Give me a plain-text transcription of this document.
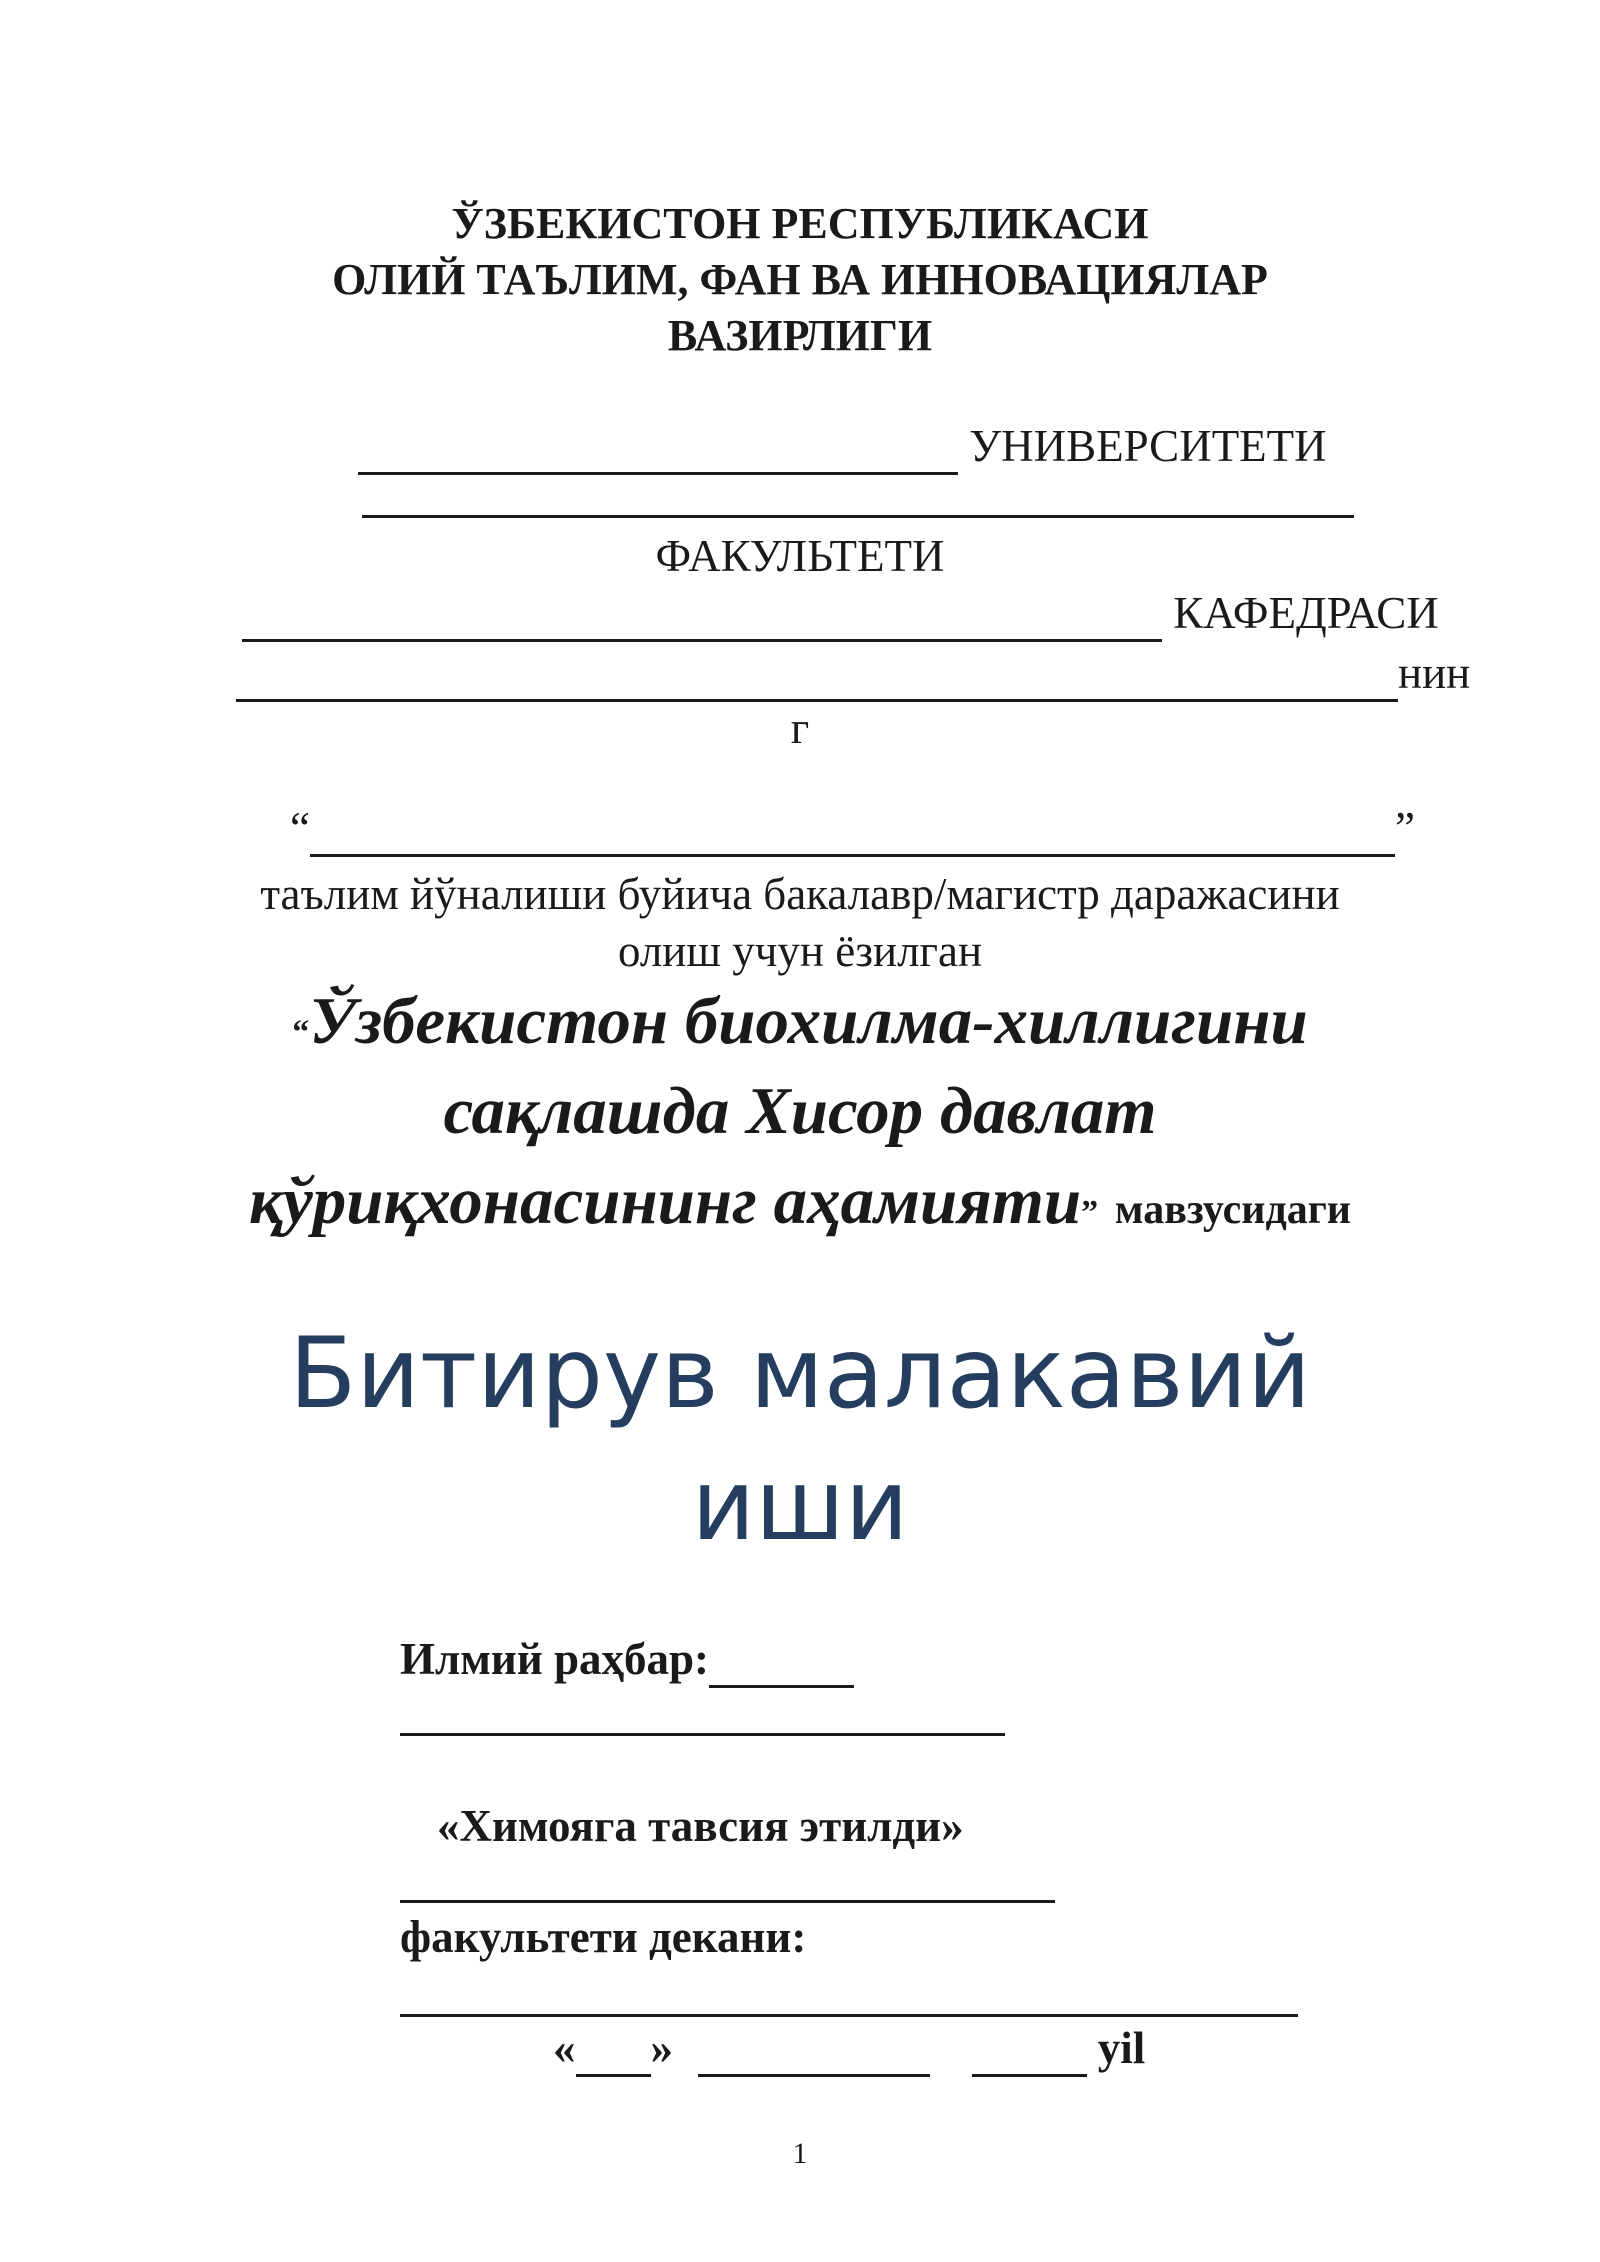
ЎЗБЕКИСТОН РЕСПУБЛИКАСИ
ОЛИЙ ТАЪЛИМ, ФАН ВА ИННОВАЦИЯЛАР
ВАЗИРЛИГИ
УНИВЕРСИТЕТИ
ФАКУЛЬТЕТИ
КАФЕДРАСИ
нин
г
“	”
таълим йўналиши буйича бакалавр/магистр даражасини
олиш учун ёзилган
“Ўзбекистон биохилма-хиллигини
сақлашда Хисор давлат
қўриқхонасининг аҳамияти” мавзусидаги
Битирув малакавий
иши
Илмий раҳбар:
«Химояга тавсия этилди»
факультети декани:
« »	yil
1
